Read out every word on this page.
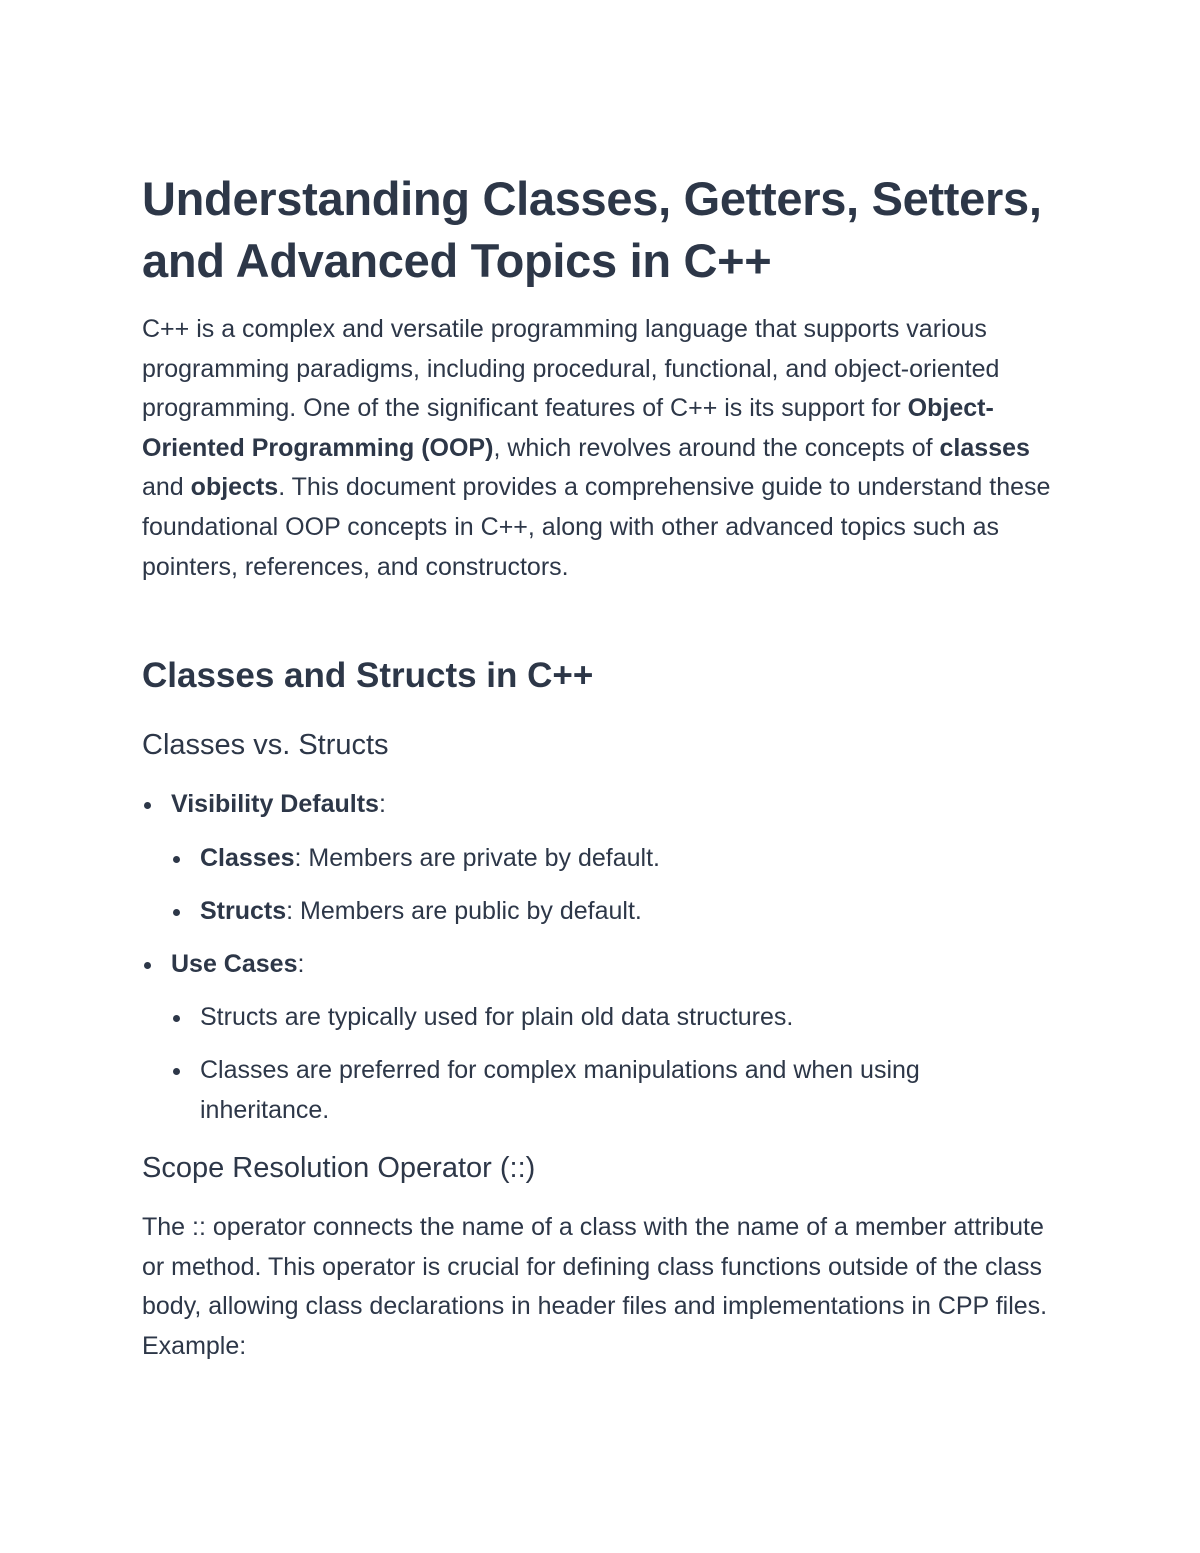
Understanding Classes, Getters, Setters, and Advanced Topics in C++

C++ is a complex and versatile programming language that supports various programming paradigms, including procedural, functional, and object-oriented programming. One of the significant features of C++ is its support for Object-Oriented Programming (OOP), which revolves around the concepts of classes and objects. This document provides a comprehensive guide to understand these foundational OOP concepts in C++, along with other advanced topics such as pointers, references, and constructors.

Classes and Structs in C++
Classes vs. Structs
Visibility Defaults:
Classes: Members are private by default.
Structs: Members are public by default.
Use Cases:
Structs are typically used for plain old data structures.
Classes are preferred for complex manipulations and when using inheritance.
Scope Resolution Operator (::)

The :: operator connects the name of a class with the name of a member attribute or method. This operator is crucial for defining class functions outside of the class body, allowing class declarations in header files and implementations in CPP files. Example:
